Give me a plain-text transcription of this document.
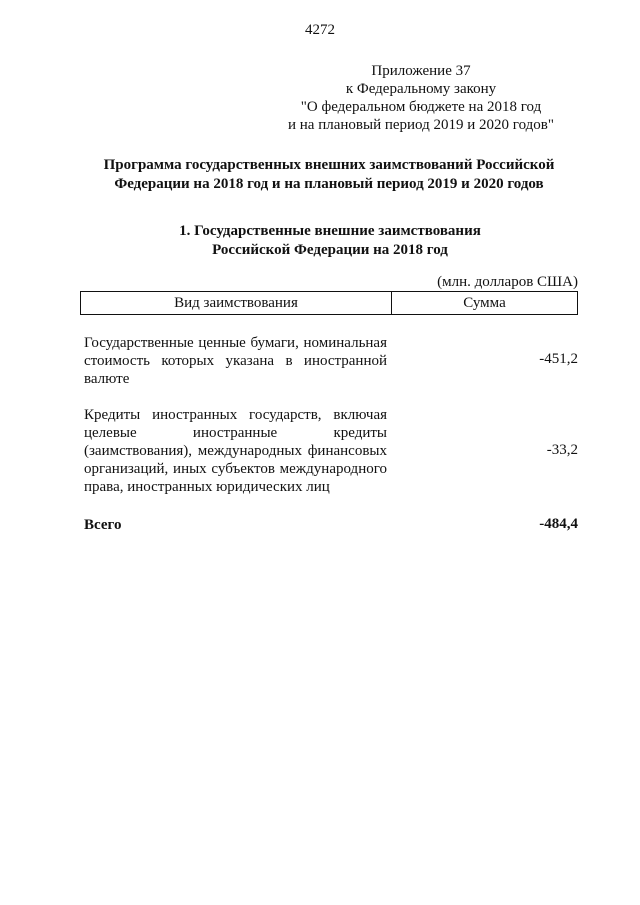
4272
Приложение 37
к Федеральному закону
"О федеральном бюджете на 2018 год
и на плановый период 2019 и 2020 годов"
Программа государственных внешних заимствований Российской
Федерации на 2018 год и на плановый период 2019 и 2020 годов
1. Государственные внешние заимствования
Российской Федерации на 2018 год
(млн. долларов США)
Вид заимствования	Сумма
Государственные ценные бумаги, номинальная стоимость которых указана в иностранной валюте
-451,2
Кредиты иностранных государств, включая целевые иностранные кредиты (заимствования), международных финансовых организаций, иных субъектов международного права, иностранных юридических лиц
-33,2
Всего	-484,4
